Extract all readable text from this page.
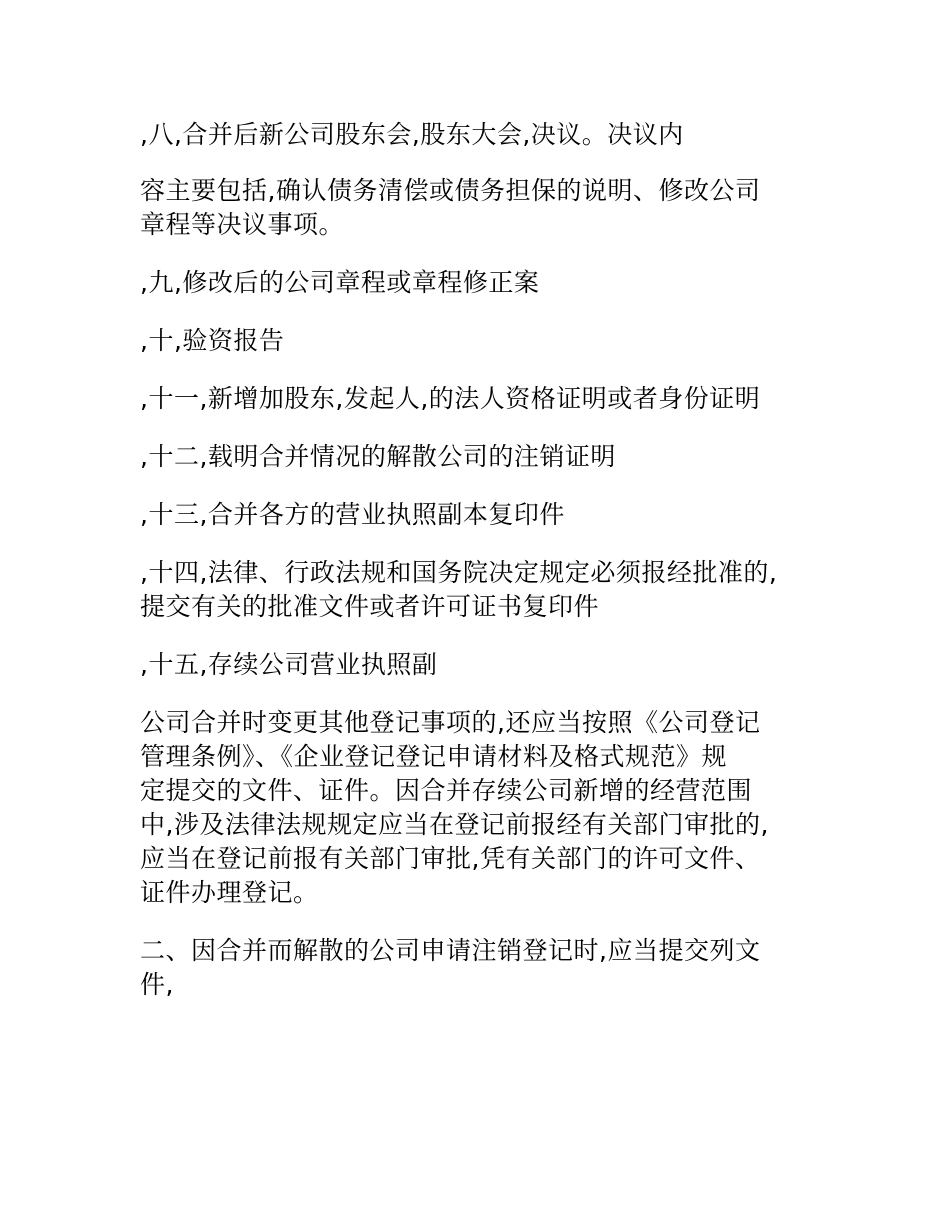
,八,合并后新公司股东会,股东大会,决议。决议内

容主要包括,确认债务清偿或债务担保的说明、修改公司
章程等决议事项。

,九,修改后的公司章程或章程修正案

,十,验资报告

,十一,新增加股东,发起人,的法人资格证明或者身份证明

,十二,载明合并情况的解散公司的注销证明

,十三,合并各方的营业执照副本复印件

,十四,法律、行政法规和国务院决定规定必须报经批准的,
提交有关的批准文件或者许可证书复印件

,十五,存续公司营业执照副

公司合并时变更其他登记事项的,还应当按照《公司登记
管理条例》、《企业登记登记申请材料及格式规范》规
定提交的文件、证件。因合并存续公司新增的经营范围
中,涉及法律法规规定应当在登记前报经有关部门审批的,
应当在登记前报有关部门审批,凭有关部门的许可文件、
证件办理登记。

二、因合并而解散的公司申请注销登记时,应当提交列文
件,
